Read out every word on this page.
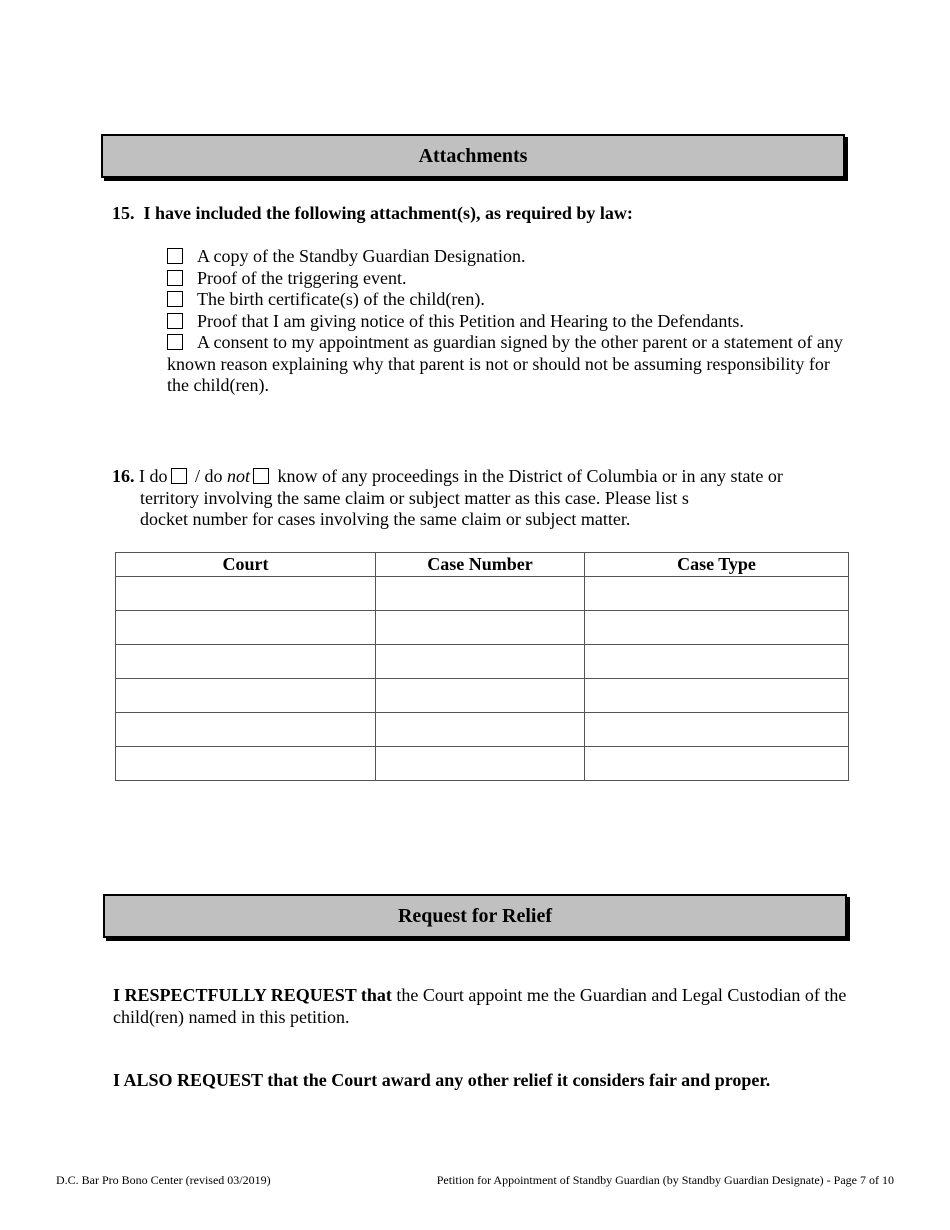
Attachments
15. I have included the following attachment(s), as required by law:
A copy of the Standby Guardian Designation.
Proof of the triggering event.
The birth certificate(s) of the child(ren).
Proof that I am giving notice of this Petition and Hearing to the Defendants.
A consent to my appointment as guardian signed by the other parent or a statement of any known reason explaining why that parent is not or should not be assuming responsibility for the child(ren).
16. I do / do not know of any proceedings in the District of Columbia or in any state or
territory involving the same claim or subject matter as this case. Please list s
docket number for cases involving the same claim or subject matter.
Court	Case Number	Case Type

Request for Relief
I RESPECTFULLY REQUEST that the Court appoint me the Guardian and Legal Custodian of the child(ren) named in this petition.
I ALSO REQUEST that the Court award any other relief it considers fair and proper.
D.C. Bar Pro Bono Center (revised 03/2019)	Petition for Appointment of Standby Guardian (by Standby Guardian Designate) - Page 7 of 10
